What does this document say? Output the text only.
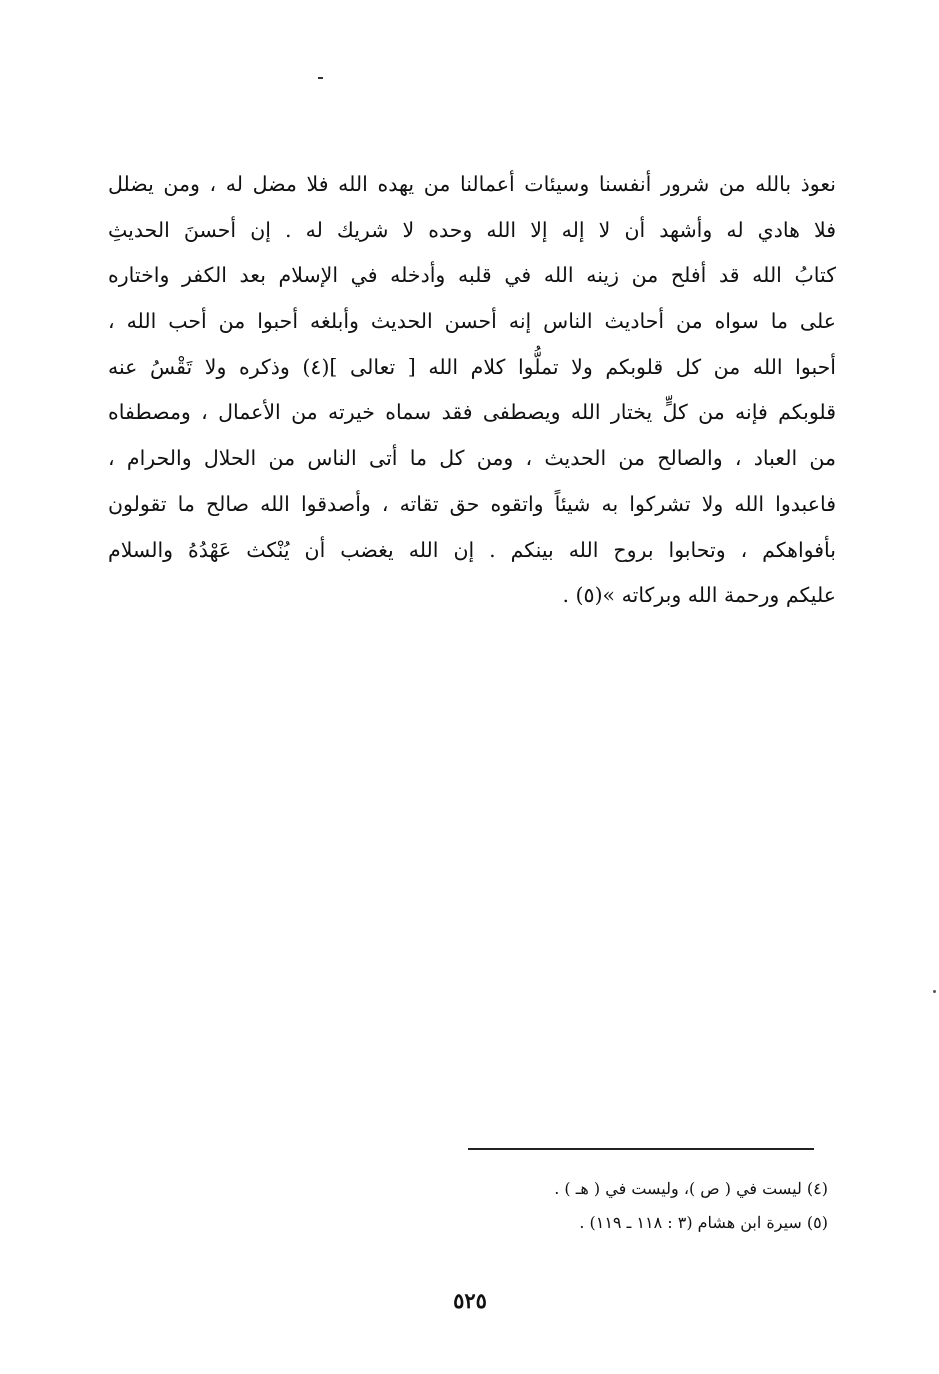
نعوذ بالله من شرور أنفسنا وسيئات أعمالنا من يهده الله فلا مضل له ، ومن يضلل
فلا هادي له وأشهد أن لا إله إلا الله وحده لا شريك له . إن أحسنَ الحديثِ
كتابُ الله قد أفلح من زينه الله في قلبه وأدخله في الإسلام بعد الكفر واختاره
على ما سواه من أحاديث الناس إنه أحسن الحديث وأبلغه أحبوا من أحب الله ،
أحبوا الله من كل قلوبكم ولا تملُّوا كلام الله [ تعالى ](٤) وذكره ولا تَقْسُ عنه
قلوبكم فإنه من كلٍّ يختار الله ويصطفى فقد سماه خيرته من الأعمال ، ومصطفاه
من العباد ، والصالح من الحديث ، ومن كل ما أتى الناس من الحلال والحرام ،
فاعبدوا الله ولا تشركوا به شيئاً واتقوه حق تقاته ، وأصدقوا الله صالح ما تقولون
بأفواهكم ، وتحابوا بروح الله بينكم . إن الله يغضب أن يُنْكث عَهْدُهُ والسلام
عليكم ورحمة الله وبركاته »(٥) .
(٤) ليست في ( ص )، وليست في ( هـ ) .
(٥) سيرة ابن هشام (٣ : ١١٨ ـ ١١٩) .
٥٢٥
